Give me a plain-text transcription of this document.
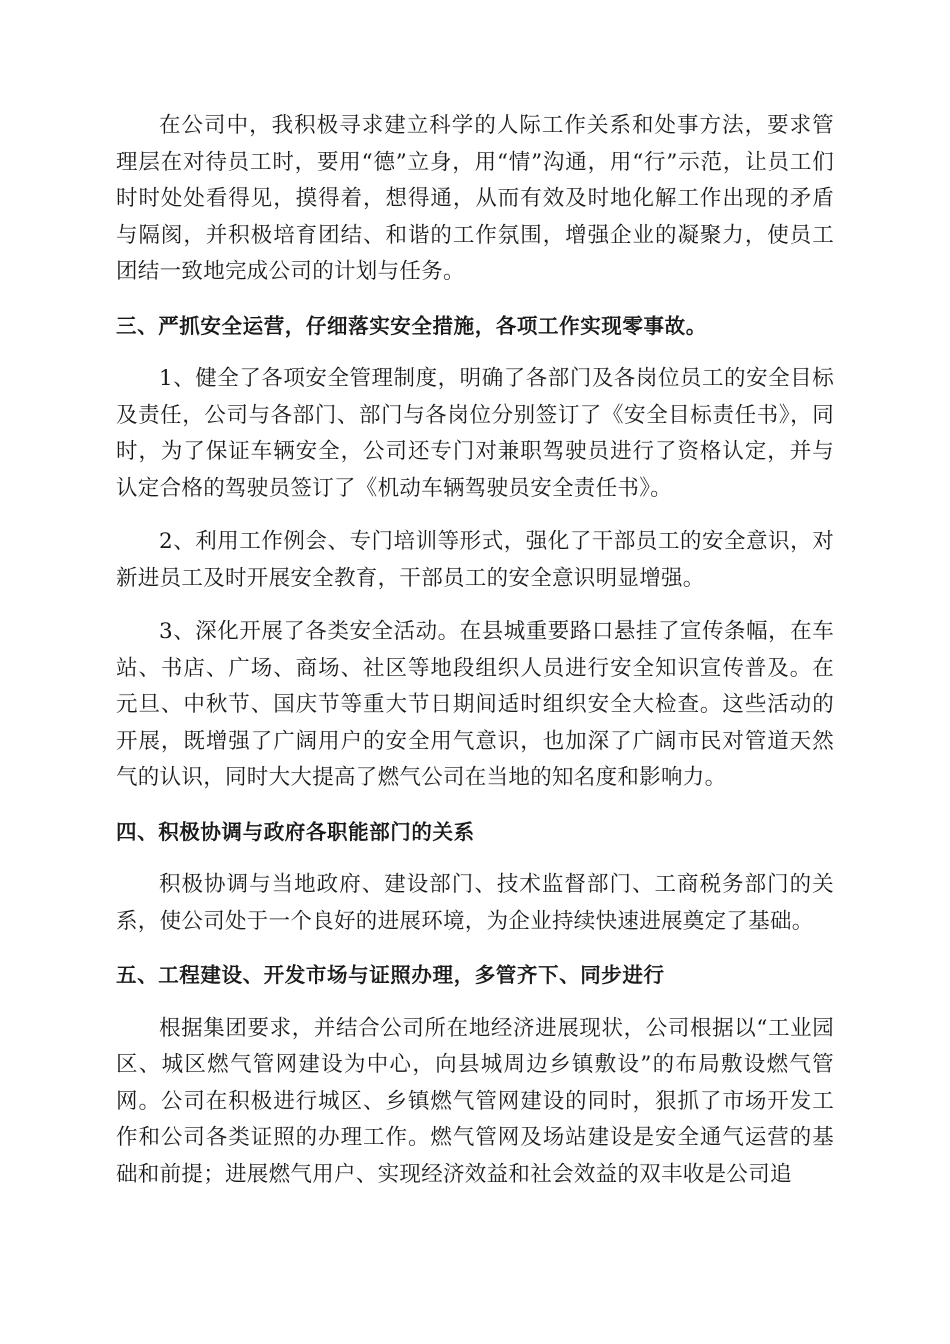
在公司中，我积极寻求建立科学的人际工作关系和处事方法，要求管理层在对待员工时，要用“德”立身，用“情”沟通，用“行”示范，让员工们时时处处看得见，摸得着，想得通，从而有效及时地化解工作出现的矛盾与隔阂，并积极培育团结、和谐的工作氛围，增强企业的凝聚力，使员工团结一致地完成公司的计划与任务。

三、严抓安全运营，仔细落实安全措施，各项工作实现零事故。

1、健全了各项安全管理制度，明确了各部门及各岗位员工的安全目标及责任，公司与各部门、部门与各岗位分别签订了《安全目标责任书》，同时，为了保证车辆安全，公司还专门对兼职驾驶员进行了资格认定，并与认定合格的驾驶员签订了《机动车辆驾驶员安全责任书》。

2、利用工作例会、专门培训等形式，强化了干部员工的安全意识，对新进员工及时开展安全教育，干部员工的安全意识明显增强。

3、深化开展了各类安全活动。在县城重要路口悬挂了宣传条幅，在车站、书店、广场、商场、社区等地段组织人员进行安全知识宣传普及。在元旦、中秋节、国庆节等重大节日期间适时组织安全大检查。这些活动的开展，既增强了广阔用户的安全用气意识，也加深了广阔市民对管道天然气的认识，同时大大提高了燃气公司在当地的知名度和影响力。

四、积极协调与政府各职能部门的关系

积极协调与当地政府、建设部门、技术监督部门、工商税务部门的关系，使公司处于一个良好的进展环境，为企业持续快速进展奠定了基础。

五、工程建设、开发市场与证照办理，多管齐下、同步进行

根据集团要求，并结合公司所在地经济进展现状，公司根据以“工业园区、城区燃气管网建设为中心，向县城周边乡镇敷设”的布局敷设燃气管网。公司在积极进行城区、乡镇燃气管网建设的同时，狠抓了市场开发工作和公司各类证照的办理工作。燃气管网及场站建设是安全通气运营的基础和前提；进展燃气用户、实现经济效益和社会效益的双丰收是公司追
